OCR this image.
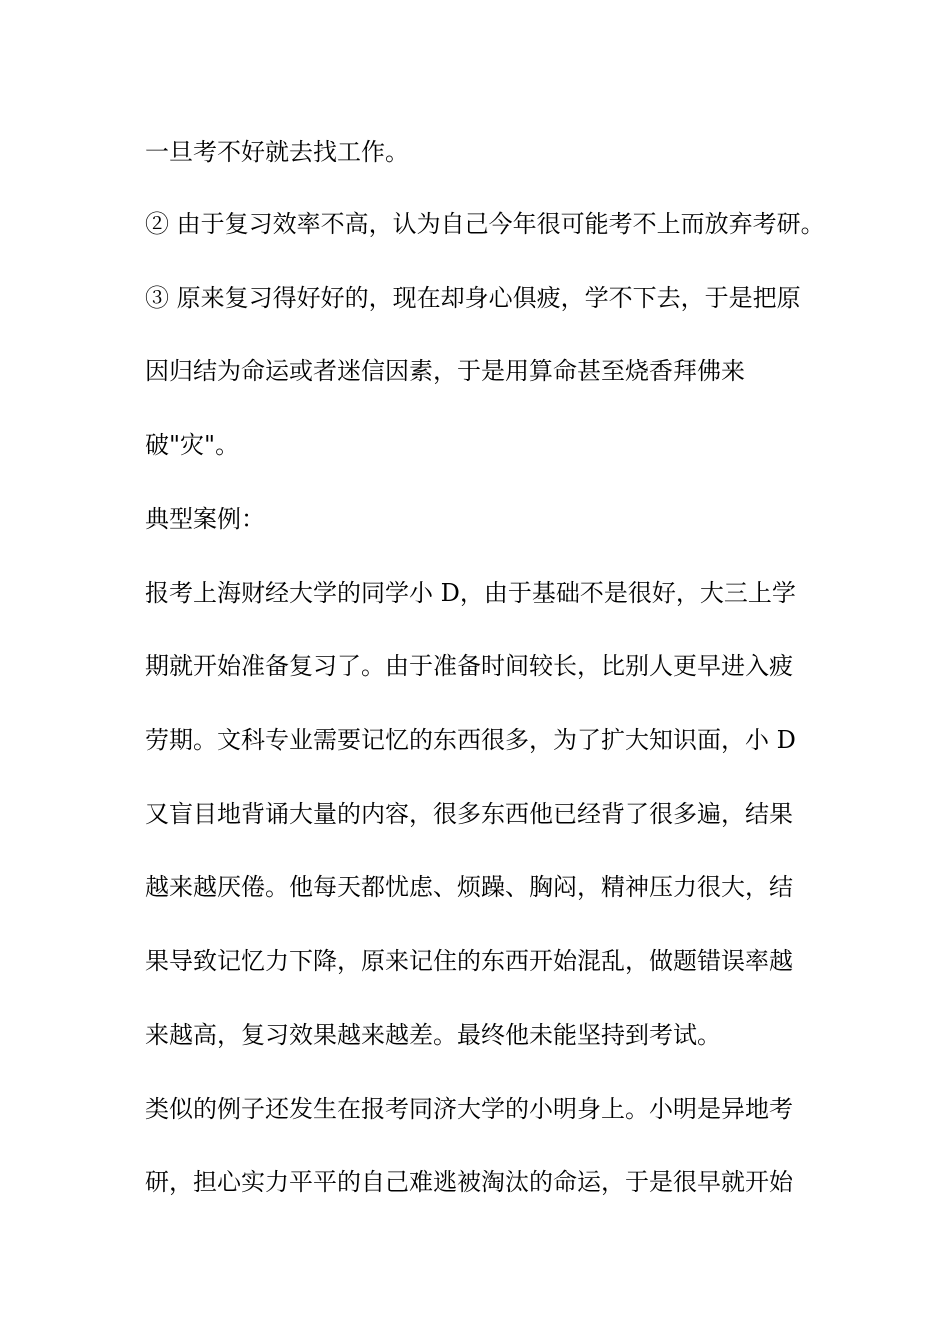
一旦考不好就去找工作。
② 由于复习效率不高，认为自己今年很可能考不上而放弃考研。
③ 原来复习得好好的，现在却身心俱疲，学不下去，于是把原
因归结为命运或者迷信因素，于是用算命甚至烧香拜佛来
破"灾"。
典型案例：
报考上海财经大学的同学小 D，由于基础不是很好，大三上学
期就开始准备复习了。由于准备时间较长，比别人更早进入疲
劳期。文科专业需要记忆的东西很多，为了扩大知识面，小 D
又盲目地背诵大量的内容，很多东西他已经背了很多遍，结果
越来越厌倦。他每天都忧虑、烦躁、胸闷，精神压力很大，结
果导致记忆力下降，原来记住的东西开始混乱，做题错误率越
来越高，复习效果越来越差。最终他未能坚持到考试。
类似的例子还发生在报考同济大学的小明身上。小明是异地考
研，担心实力平平的自己难逃被淘汰的命运，于是很早就开始
